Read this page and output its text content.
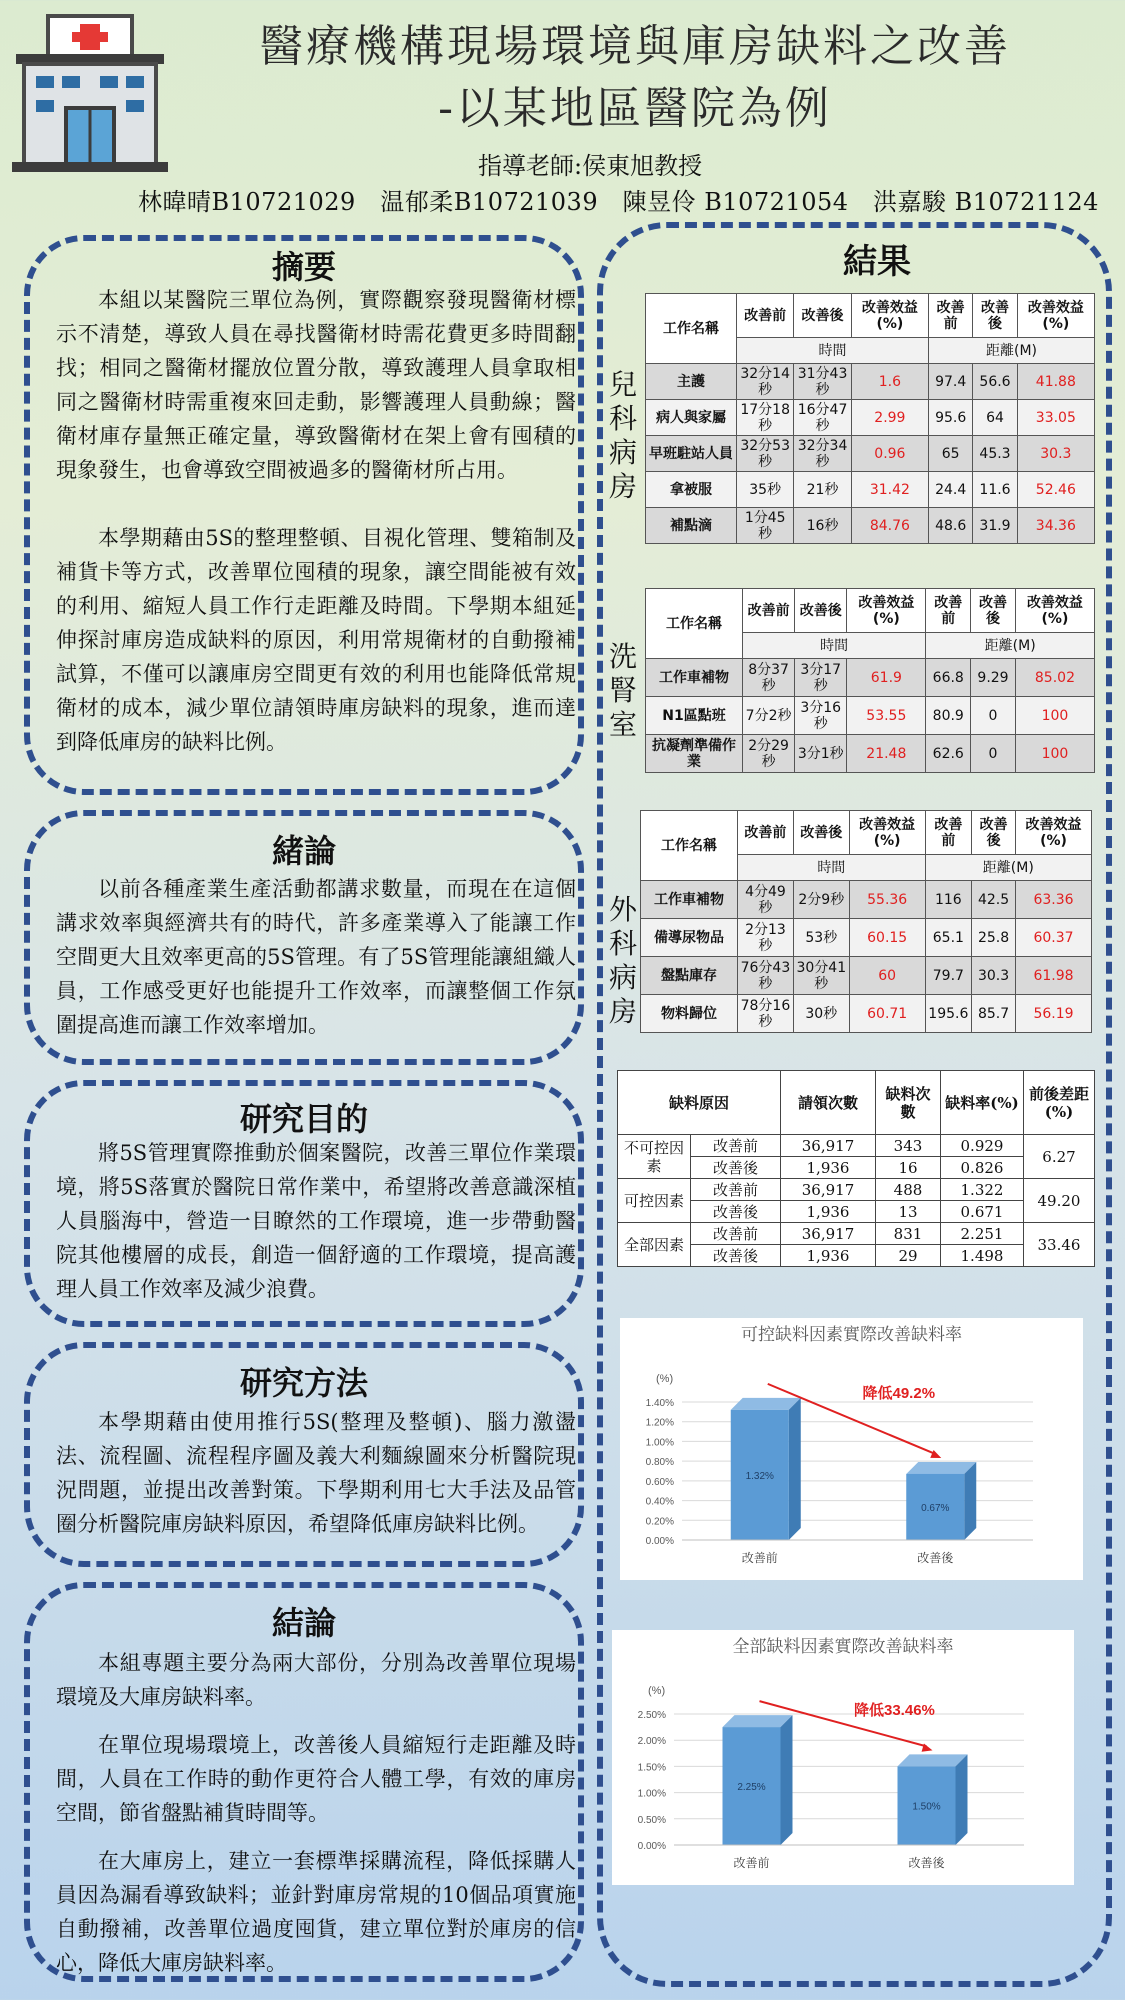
醫療機構現場環境與庫房缺料之改善
-以某地區醫院為例
指導老師:侯東旭教授
林暐晴B10721029　温郁柔B10721039　陳昱伶 B10721054　洪嘉駿 B10721124
摘要

本組以某醫院三單位為例，實際觀察發現醫衛材標示不清楚，導致人員在尋找醫衛材時需花費更多時間翻找；相同之醫衛材擺放位置分散，導致護理人員拿取相同之醫衛材時需重複來回走動，影響護理人員動線；醫衛材庫存量無正確定量，導致醫衛材在架上會有囤積的現象發生，也會導致空間被過多的醫衛材所占用。

本學期藉由5S的整理整頓、目視化管理、雙箱制及補貨卡等方式，改善單位囤積的現象，讓空間能被有效的利用、縮短人員工作行走距離及時間。下學期本組延伸探討庫房造成缺料的原因，利用常規衛材的自動撥補試算，不僅可以讓庫房空間更有效的利用也能降低常規衛材的成本，減少單位請領時庫房缺料的現象，進而達到降低庫房的缺料比例。

緒論

以前各種產業生產活動都講求數量，而現在在這個講求效率與經濟共有的時代，許多產業導入了能讓工作空間更大且效率更高的5S管理。有了5S管理能讓組織人員，工作感受更好也能提升工作效率，而讓整個工作氛圍提高進而讓工作效率增加。

研究目的

將5S管理實際推動於個案醫院，改善三單位作業環境，將5S落實於醫院日常作業中，希望將改善意識深植人員腦海中，營造一目瞭然的工作環境，進一步帶動醫院其他樓層的成長，創造一個舒適的工作環境，提高護理人員工作效率及減少浪費。

研究方法

本學期藉由使用推行5S(整理及整頓)、腦力激盪法、流程圖、流程程序圖及義大利麵線圖來分析醫院現況問題，並提出改善對策。下學期利用七大手法及品管圈分析醫院庫房缺料原因，希望降低庫房缺料比例。

結論

本組專題主要分為兩大部份，分別為改善單位現場環境及大庫房缺料率。

在單位現場環境上，改善後人員縮短行走距離及時間，人員在工作時的動作更符合人體工學，有效的庫房空間，節省盤點補貨時間等。

在大庫房上，建立一套標準採購流程，降低採購人員因為漏看導致缺料；並針對庫房常規的10個品項實施自動撥補，改善單位過度囤貨，建立單位對於庫房的信心，降低大庫房缺料率。

結果
兒科病房
工作名稱	改善前	改善後	改善效益(%)	改善前	改善後	改善效益(%)
	時間			距離(M)		
主護	32分14秒	31分43秒	1.6	97.4	56.6	41.88
病人與家屬	17分18秒	16分47秒	2.99	95.6	64	33.05
早班駐站人員	32分53秒	32分34秒	0.96	65	45.3	30.3
拿被服	35秒	21秒	31.42	24.4	11.6	52.46
補點滴	1分45秒	16秒	84.76	48.6	31.9	34.36
洗腎室
工作名稱	改善前	改善後	改善效益(%)	改善前	改善後	改善效益(%)
	時間			距離(M)		
工作車補物	8分37秒	3分17秒	61.9	66.8	9.29	85.02
N1區點班	7分2秒	3分16秒	53.55	80.9	0	100
抗凝劑準備作業	2分29秒	3分1秒	21.48	62.6	0	100
外科病房
工作名稱	改善前	改善後	改善效益(%)	改善前	改善後	改善效益(%)
	時間			距離(M)		
工作車補物	4分49秒	2分9秒	55.36	116	42.5	63.36
備導尿物品	2分13秒	53秒	60.15	65.1	25.8	60.37
盤點庫存	76分43秒	30分41秒	60	79.7	30.3	61.98
物料歸位	78分16秒	30秒	60.71	195.6	85.7	56.19
缺料原因		請領次數	缺料次數	缺料率(%)	前後差距(%)
不可控因素	改善前	36,917	343	0.929	6.27
	改善後	1,936	16	0.826	
可控因素	改善前	36,917	488	1.322	49.20
	改善後	1,936	13	0.671	
全部因素	改善前	36,917	831	2.251	33.46
	改善後	1,936	29	1.498	
可控缺料因素實際改善缺料率
(%)
0.00%
0.20%
0.40%
0.60%
0.80%
1.00%
1.20%
1.40%
1.32%
改善前
0.67%
改善後
降低49.2%
全部缺料因素實際改善缺料率
(%)
0.00%
0.50%
1.00%
1.50%
2.00%
2.50%
2.25%
改善前
1.50%
改善後
降低33.46%
